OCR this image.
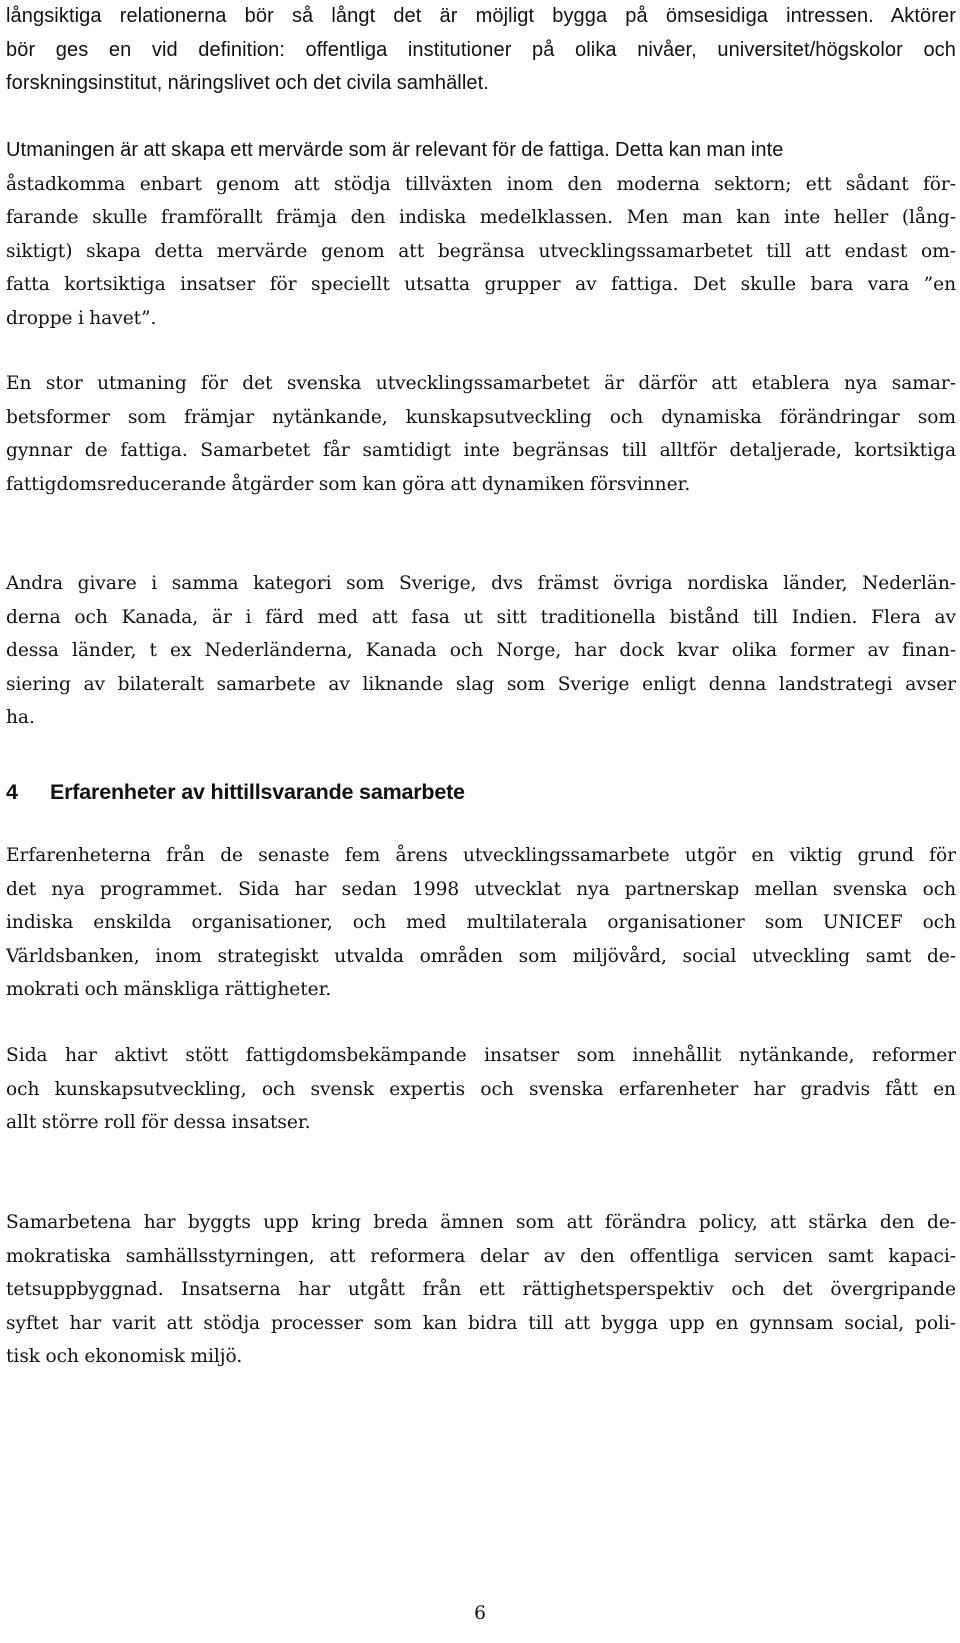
långsiktiga relationerna bör så långt det är möjligt bygga på ömsesidiga intressen. Aktörer
bör ges en vid definition: offentliga institutioner på olika nivåer, universitet/högskolor och
forskningsinstitut, näringslivet och det civila samhället.
Utmaningen är att skapa ett mervärde som är relevant för de fattiga. Detta kan man inte
åstadkomma enbart genom att stödja tillväxten inom den moderna sektorn; ett sådant för-
farande skulle framförallt främja den indiska medelklassen. Men man kan inte heller (lång-
siktigt) skapa detta mervärde genom att begränsa utvecklingssamarbetet till att endast om-
fatta kortsiktiga insatser för speciellt utsatta grupper av fattiga. Det skulle bara vara ”en
droppe i havet”.
En stor utmaning för det svenska utvecklingssamarbetet är därför att etablera nya samar-
betsformer som främjar nytänkande, kunskapsutveckling och dynamiska förändringar som
gynnar de fattiga. Samarbetet får samtidigt inte begränsas till alltför detaljerade, kortsiktiga
fattigdomsreducerande åtgärder som kan göra att dynamiken försvinner.
Andra givare i samma kategori som Sverige, dvs främst övriga nordiska länder, Nederlän-
derna och Kanada, är i färd med att fasa ut sitt traditionella bistånd till Indien. Flera av
dessa länder, t ex Nederländerna, Kanada och Norge, har dock kvar olika former av finan-
siering av bilateralt samarbete av liknande slag som Sverige enligt denna landstrategi avser
ha.
4 Erfarenheter av hittillsvarande samarbete
Erfarenheterna från de senaste fem årens utvecklingssamarbete utgör en viktig grund för
det nya programmet. Sida har sedan 1998 utvecklat nya partnerskap mellan svenska och
indiska enskilda organisationer, och med multilaterala organisationer som UNICEF och
Världsbanken, inom strategiskt utvalda områden som miljövård, social utveckling samt de-
mokrati och mänskliga rättigheter.
Sida har aktivt stött fattigdomsbekämpande insatser som innehållit nytänkande, reformer
och kunskapsutveckling, och svensk expertis och svenska erfarenheter har gradvis fått en
allt större roll för dessa insatser.
Samarbetena har byggts upp kring breda ämnen som att förändra policy, att stärka den de-
mokratiska samhällsstyrningen, att reformera delar av den offentliga servicen samt kapaci-
tetsuppbyggnad. Insatserna har utgått från ett rättighetsperspektiv och det övergripande
syftet har varit att stödja processer som kan bidra till att bygga upp en gynnsam social, poli-
tisk och ekonomisk miljö.
6
